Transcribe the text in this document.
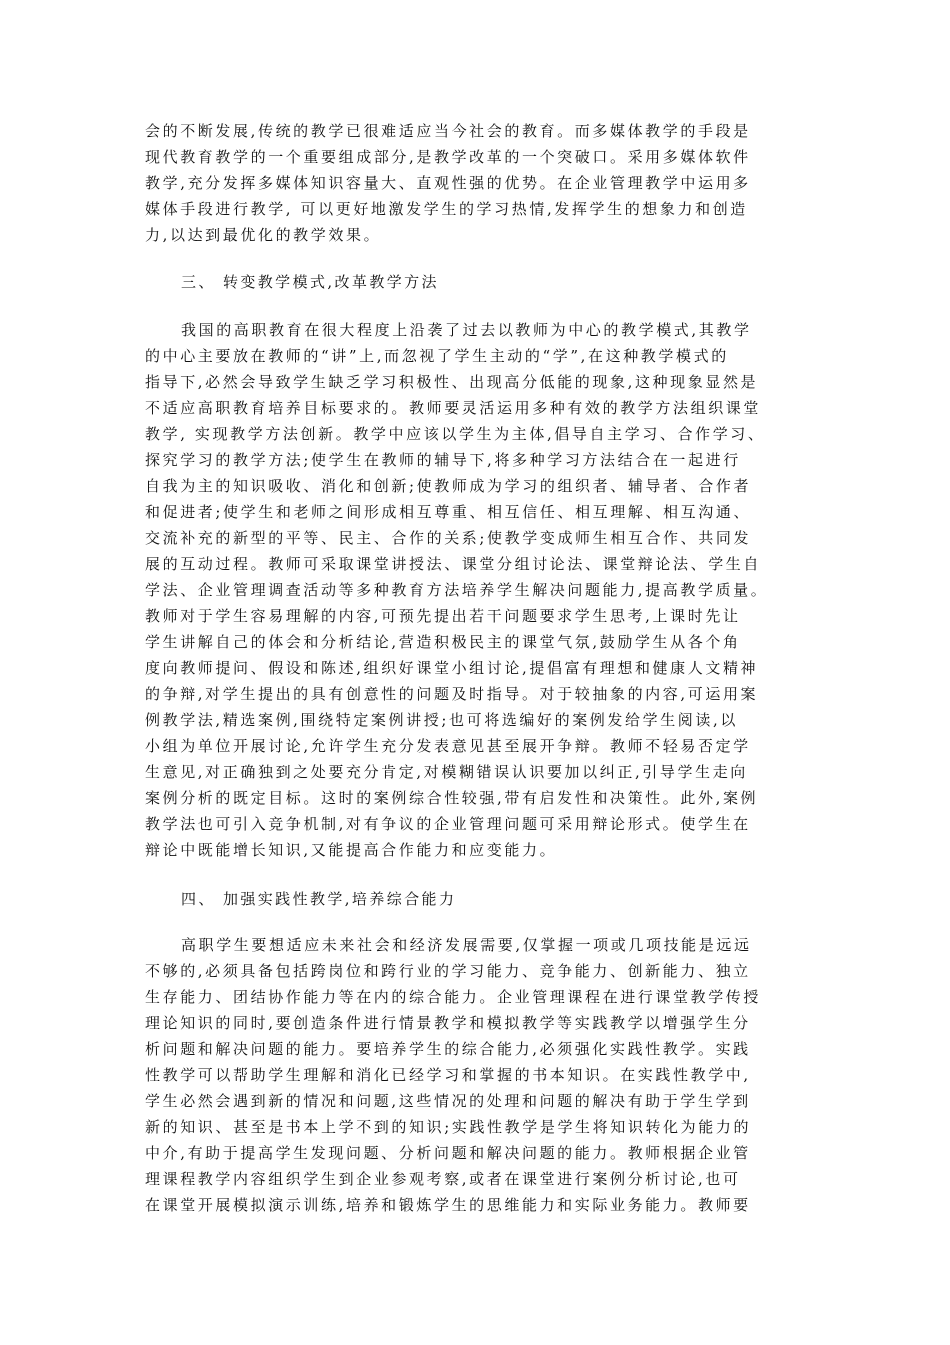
会的不断发展,传统的教学已很难适应当今社会的教育。而多媒体教学的手段是
现代教育教学的一个重要组成部分,是教学改革的一个突破口。采用多媒体软件
教学,充分发挥多媒体知识容量大、直观性强的优势。在企业管理教学中运用多
媒体手段进行教学, 可以更好地激发学生的学习热情,发挥学生的想象力和创造
力,以达到最优化的教学效果。
三、 转变教学模式,改革教学方法
我国的高职教育在很大程度上沿袭了过去以教师为中心的教学模式,其教学
的中心主要放在教师的“讲”上,而忽视了学生主动的“学”,在这种教学模式的
指导下,必然会导致学生缺乏学习积极性、出现高分低能的现象,这种现象显然是
不适应高职教育培养目标要求的。教师要灵活运用多种有效的教学方法组织课堂
教学, 实现教学方法创新。教学中应该以学生为主体,倡导自主学习、合作学习、
探究学习的教学方法;使学生在教师的辅导下,将多种学习方法结合在一起进行
自我为主的知识吸收、消化和创新;使教师成为学习的组织者、辅导者、合作者
和促进者;使学生和老师之间形成相互尊重、相互信任、相互理解、相互沟通、
交流补充的新型的平等、民主、合作的关系;使教学变成师生相互合作、共同发
展的互动过程。教师可采取课堂讲授法、课堂分组讨论法、课堂辩论法、学生自
学法、企业管理调查活动等多种教育方法培养学生解决问题能力,提高教学质量。
教师对于学生容易理解的内容,可预先提出若干问题要求学生思考,上课时先让
学生讲解自己的体会和分析结论,营造积极民主的课堂气氛,鼓励学生从各个角
度向教师提问、假设和陈述,组织好课堂小组讨论,提倡富有理想和健康人文精神
的争辩,对学生提出的具有创意性的问题及时指导。对于较抽象的内容,可运用案
例教学法,精选案例,围绕特定案例讲授;也可将选编好的案例发给学生阅读,以
小组为单位开展讨论,允许学生充分发表意见甚至展开争辩。教师不轻易否定学
生意见,对正确独到之处要充分肯定,对模糊错误认识要加以纠正,引导学生走向
案例分析的既定目标。这时的案例综合性较强,带有启发性和决策性。此外,案例
教学法也可引入竞争机制,对有争议的企业管理问题可采用辩论形式。使学生在
辩论中既能增长知识,又能提高合作能力和应变能力。
四、 加强实践性教学,培养综合能力
高职学生要想适应未来社会和经济发展需要,仅掌握一项或几项技能是远远
不够的,必须具备包括跨岗位和跨行业的学习能力、竞争能力、创新能力、独立
生存能力、团结协作能力等在内的综合能力。企业管理课程在进行课堂教学传授
理论知识的同时,要创造条件进行情景教学和模拟教学等实践教学以增强学生分
析问题和解决问题的能力。要培养学生的综合能力,必须强化实践性教学。实践
性教学可以帮助学生理解和消化已经学习和掌握的书本知识。在实践性教学中,
学生必然会遇到新的情况和问题,这些情况的处理和问题的解决有助于学生学到
新的知识、甚至是书本上学不到的知识;实践性教学是学生将知识转化为能力的
中介,有助于提高学生发现问题、分析问题和解决问题的能力。教师根据企业管
理课程教学内容组织学生到企业参观考察,或者在课堂进行案例分析讨论,也可
在课堂开展模拟演示训练,培养和锻炼学生的思维能力和实际业务能力。教师要
